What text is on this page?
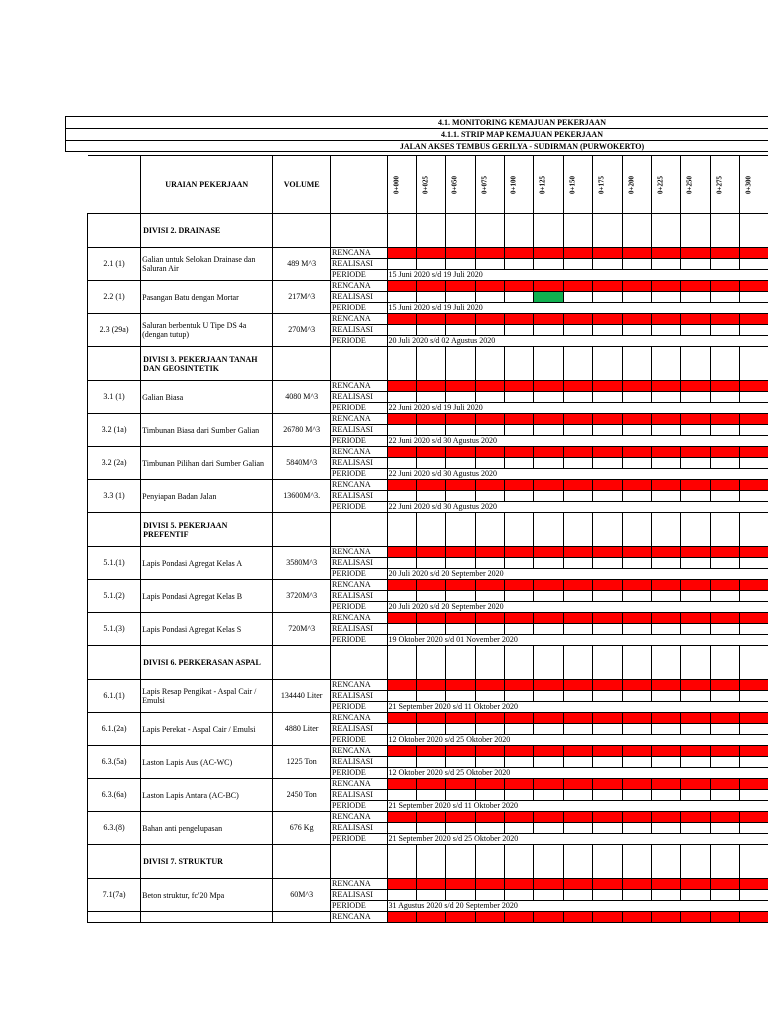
4.1. MONITORING KEMAJUAN PEKERJAAN
4.1.1. STRIP MAP KEMAJUAN PEKERJAAN
JALAN AKSES TEMBUS GERILYA - SUDIRMAN (PURWOKERTO)
	URAIAN PEKERJAAN	VOLUME		0+000	0+025	0+050	0+075	0+100	0+125	0+150	0+175	0+200	0+225	0+250	0+275	0+300	

	DIVISI 2. DRAINASE																
2.1 (1)	Galian untuk Selokan Drainase dan Saluran Air	489 M^3	RENCANA														
			REALISASI														
			PERIODE	15 Juni 2020 s/d 19 Juli 2020													
2.2 (1)	Pasangan Batu dengan Mortar	217M^3	RENCANA														
			REALISASI														
			PERIODE	15 Juni 2020 s/d 19 Juli 2020													
2.3 (29a)	Saluran berbentuk U Tipe DS 4a (dengan tutup)	270M^3	RENCANA														
			REALISASI														
			PERIODE	20 Juli 2020 s/d 02 Agustus 2020													
	DIVISI 3. PEKERJAAN TANAH DAN GEOSINTETIK																
3.1 (1)	Galian Biasa	4080 M^3	RENCANA														
			REALISASI														
			PERIODE	22 Juni 2020 s/d 19 Juli 2020													
3.2 (1a)	Timbunan Biasa dari Sumber Galian	26780 M^3	RENCANA														
			REALISASI														
			PERIODE	22 Juni 2020 s/d 30 Agustus 2020													
3.2 (2a)	Timbunan Pilihan dari Sumber Galian	5840M^3	RENCANA														
			REALISASI														
			PERIODE	22 Juni 2020 s/d 30 Agustus 2020													
3.3 (1)	Penyiapan Badan Jalan	13600M^3.	RENCANA														
			REALISASI														
			PERIODE	22 Juni 2020 s/d 30 Agustus 2020													
	DIVISI 5. PEKERJAAN PREFENTIF																
5.1.(1)	Lapis Pondasi Agregat Kelas A	3580M^3	RENCANA														
			REALISASI														
			PERIODE	20 Juli 2020 s/d 20 September 2020													
5.1.(2)	Lapis Pondasi Agregat Kelas B	3720M^3	RENCANA														
			REALISASI														
			PERIODE	20 Juli 2020 s/d 20 September 2020													
5.1.(3)	Lapis Pondasi Agregat Kelas S	720M^3	RENCANA														
			REALISASI														
			PERIODE	19 Oktober 2020 s/d 01 November 2020													
	DIVISI 6. PERKERASAN ASPAL																
6.1.(1)	Lapis Resap Pengikat - Aspal Cair / Emulsi	134440 Liter	RENCANA														
			REALISASI														
			PERIODE	21 September 2020 s/d 11 Oktober 2020													
6.1.(2a)	Lapis Perekat - Aspal Cair / Emulsi	4880 Liter	RENCANA														
			REALISASI														
			PERIODE	12 Oktober 2020 s/d 25 Oktober 2020													
6.3.(5a)	Laston Lapis Aus (AC-WC)	1225 Ton	RENCANA														
			REALISASI														
			PERIODE	12 Oktober 2020 s/d 25 Oktober 2020													
6.3.(6a)	Laston Lapis Antara (AC-BC)	2450 Ton	RENCANA														
			REALISASI														
			PERIODE	21 September 2020 s/d 11 Oktober 2020													
6.3.(8)	Bahan anti pengelupasan	676 Kg	RENCANA														
			REALISASI														
			PERIODE	21 September 2020 s/d 25 Oktober 2020													
	DIVISI 7. STRUKTUR																
7.1(7a)	Beton struktur, fc'20 Mpa	60M^3	RENCANA														
			REALISASI														
			PERIODE	31 Agustus 2020 s/d 20 September 2020													
			RENCANA														
